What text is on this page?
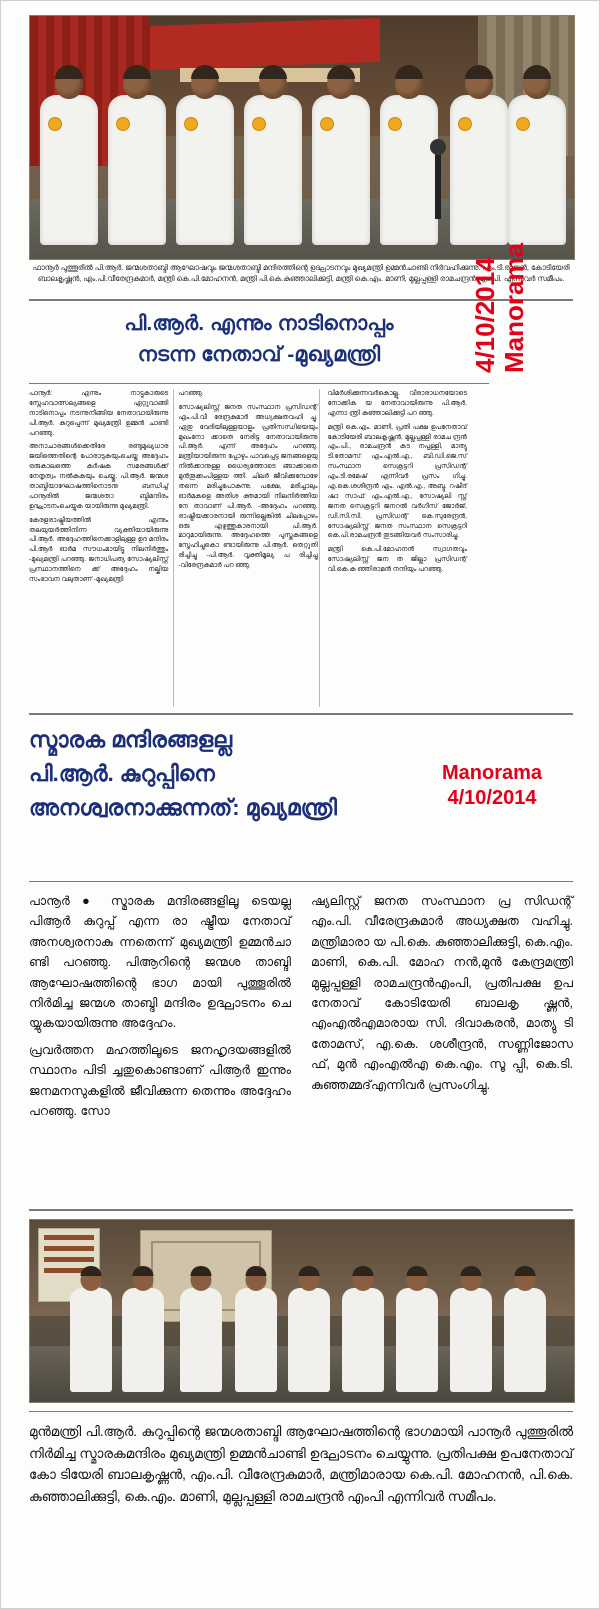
ഫാനൂർ പുത്തൂരിൽ പി.ആർ. ജന്മശതാബ്ദി ആഘോഷവും ജന്മശതാബ്ദി മന്ദിരത്തിന്റെ ഉദ്ഘാടനവും മുഖ്യമന്ത്രി ഉമ്മൻചാണ്ടി നിർവഹിക്കുന്നു. എം.ടി.രാജൻ, കോടിയേരി ബാലകൃഷ്ണൻ, എം.പി.വീരേന്ദ്രകുമാർ, മന്ത്രി കെ.പി.മോഹനൻ, മന്ത്രി പി.കെ.കുഞ്ഞാലിക്കുട്ടി, മന്ത്രി കെ.എം. മാണി, മുല്ലപ്പള്ളി രാമചന്ദ്രൻ എം.പി. എന്നിവർ സമീപം.
പി.ആർ. എന്നും നാടിനൊപ്പം
നടന്ന നേതാവ് -മുഖ്യമന്ത്രി	4/10/2014 Manorama

പാനൂർ: എന്നും നാട്ടുകാരുടെ സ്നേഹവാത്സല്യങ്ങളെ ഏറ്റുവാങ്ങി നാടിനൊപ്പം നടന്നുനീങ്ങിയ നേതാവായിരുന്നു പി.ആർ. കുറുപ്പെന്ന് മുഖ്യമന്ത്രി ഉമ്മൻ ചാണ്ടി പറഞ്ഞു.

അനാചാരങ്ങൾക്കെതിരേ രണ്ടുമുഖ്യധാര ജയിത്തെതിന്റെ പോരാടുകയുംചെയ്ത അദ്ദേഹം ഒരുകാലത്തെ കർഷക സമരങ്ങൾക്ക് നേതൃത്വം നൽകുകയും ചെയ്തു. പി.ആർ. ജന്മശ താബ്ദിയാഘോഷത്തിനൊടനു ബന്ധിച്ച് പാനൂരിൽ ജന്മശതാ ബ്ദിമന്ദിരം ഉദ്ഘാടനംചെയ്യുക യായിരുന്നു മുഖ്യമന്ത്രി.

കേരളരാഷ്ട്രീയത്തിൽ എന്നും തലയുയർത്തിനിന്ന വ്യക്തിയായിരുന്നു പി.ആർ. അദ്ദേഹത്തിനെക്കാളിലുള്ള ഉദ മന്ദിരം പി.ആർ ഓർമ സൗധംമായിട്ടു നിലനിർത്തും -മുഖ്യമന്ത്രി പറഞ്ഞു. ജനാധിപത്യ സോഷ്യലിസ്റ്റ് പ്രസ്ഥാനത്തിനെ ക്ക് അദ്ദേഹം നല്കിയ സംഭാവന വലുതാണ് -മുഖ്യമന്ത്രി

പറഞ്ഞു.

സോഷ്യലിസ്റ്റ് ജനത സംസ്ഥാന പ്രസിഡന്റ് എം.പി.വീ രേന്ദ്രകുമാർ അധ്യക്ഷതവഹി ച്ചു. ഏതു വേദിയിലുള്ളയാളും പ്രതിസന്ധിയെയും മുഖംനോ ക്കാതെ നേരിട്ട നേതാവായിരുന്നു പി.ആർ. എന്ന് അദ്ദേഹം പറഞ്ഞു. മന്ത്രിയായിരുന്ന പ്പോഴും പാവപ്പെട്ട ജനങ്ങളെയു നിൽക്കാനുള്ള ധൈര്യത്തോടെ ങ്ങാക്കാതെ മുൻതൂക്കംപിള്ളയ ത്തി. ചിലർ ജീവിക്കുമ്പോഴേ തന്നെ മരിച്ചുപോകുന്നു. പക്ഷേ, മരിച്ചാലും ഓർമകളെ അതിശ ക്തമായി നിലനിർത്തിയ നേ താവാണ് പി.ആർ. -അദ്ദേഹം പറഞ്ഞു. രാഷ്ട്രീയക്കാരനായി രുന്നില്ലെങ്കിൽ ചിലപ്പോഴം ഒരു എഴുത്തുകാരനായി പി.ആർ. മാറുമായിരുന്നു. അദ്ദേഹത്തെ പുസ്തകങ്ങളെ സ്നേഹിച്ചുകൊ ണ്ടായിരുന്നു പി.ആർ. തെറ്റുതി രിച്ചിച്ചു -പി.ആർ. വൃക്തിമൂല്യ പ രിച്ചിച്ചു -വിരേന്ദ്രകുമാർ പറ ഞ്ഞു.

വിമർശിക്കുന്നവർകൊല്ലു. വീരാരാധനയോടെ നോക്കിക യ നേതാവായിരുന്നു പി.ആർ. എന്നാ ന്ത്രി കുഞ്ഞാലിക്കുട്ടി പറ ഞ്ഞു.

മന്ത്രി കെ.എം. മാണി, പ്രതി പക്ഷ ഉപനേതാവ് കോടിയേരി ബാലകൃഷ്ണൻ, മുല്ലപ്പള്ളി രാമച ന്ദ്രൻ എം.പി., രാമചന്ദ്രൻ കട നപ്പള്ളി, മാത്യു ടി.തോമസ് എം.എൽ.എ., ബി.ഡി.ജെ.സ് സംസ്ഥാന സെക്രട്ടറി പ്രസിഡന്റ് എം.ടി.രമേഷ് എന്നിവർ പ്രസം ഗിച്ചു. എ.കെ.ശശീന്ദ്രൻ എം. എൽ.എ., അബ്ദു. റഷീദ് ഷാ സാഫ് എം.എൽ.എ., സോഷ്യലി സ്റ്റ് ജനത സെക്രട്ടറി ജനറൽ വർഗീസ് ജോർജ്, ഡി.സി.സി. പ്രസിഡന്റ് കെ.സുരേന്ദ്രൻ, സോഷ്യലിസ്റ്റ് ജനത സംസ്ഥാന സെക്രട്ടറി കെ.പി.രാമചന്ദ്രൻ തുടങ്ങിയവർ സംസാരിച്ചു.

മന്ത്രി കെ.പി.മോഹനൻ സ്വാഗതവും സോഷ്യലിസ്റ്റ് ജന ത ജില്ലാ പ്രസിഡന്റ് വി.കെ.കു ഞ്ഞിരാമൻ നന്ദിയും പറഞ്ഞു.

സ്മാരക മന്ദിരങ്ങളല്ല
പി.ആർ. കുറുപ്പിനെ
അനശ്വരനാക്കുന്നത്: മുഖ്യമന്ത്രി
Manorama
4/10/2014

പാനൂർ ● സ്മാരക മന്ദിരങ്ങളിലൂ ടെയല്ല പിആർ കുറുപ്പ് എന്ന രാ ഷ്ട്രീയ നേതാവ് അനശ്വരനാകു ന്നതെന്ന് മുഖ്യമന്ത്രി ഉമ്മൻചാ ണ്ടി പറഞ്ഞു. പിആറിന്റെ ജന്മശ താബ്ദി ആഘോഷത്തിന്റെ ഭാഗ മായി പുത്തൂരിൽ നിർമിച്ച ജന്മശ താബ്ദി മന്ദിരം ഉദ്ഘാടനം ചെ യ്യുകയായിരുന്നു അദ്ദേഹം.

പ്രവർത്തന മഹത്തിലൂടെ ജനഹൃദയങ്ങളിൽ സ്ഥാനം പിടി ച്ചതുകൊണ്ടാണ് പിആർ ഇന്നും ജനമനസുകളിൽ ജീവിക്കുന്ന തെന്നും അദ്ദേഹം പറഞ്ഞു. സോ

ഷ്യലിസ്റ്റ് ജനത സംസ്ഥാന പ്ര സിഡന്റ് എം.പി. വീരേന്ദ്രകുമാർ അധ്യക്ഷത വഹിച്ചു. മന്ത്രിമാരാ യ പി.കെ. കുഞ്ഞാലിക്കുട്ടി, കെ.എം. മാണി, കെ.പി. മോഹ നൻ,മുൻ കേന്ദ്രമന്ത്രി മുല്ലപ്പള്ളി രാമചന്ദ്രൻഎംപി, പ്രതിപക്ഷ ഉപ നേതാവ് കോടിയേരി ബാലകൃ ഷ്ണൻ, എംഎൽഎമാരായ സി. ദിവാകരൻ, മാത്യു ടി തോമസ്, എ.കെ. ശശീന്ദ്രൻ, സണ്ണിജോസ ഫ്, മുൻ എംഎൽഎ കെ.എം. സൂ പ്പി, കെ.ടി. കുഞ്ഞമ്മദ്എന്നിവർ പ്രസംഗിച്ചു.

മുൻമന്ത്രി പി.ആർ. കുറുപ്പിന്റെ ജന്മശതാബ്ദി ആഘോഷത്തിന്റെ ഭാഗമായി പാനൂർ പുത്തൂരിൽ നിർമിച്ച സ്മാരകമന്ദിരം മുഖ്യമന്ത്രി ഉമ്മൻചാണ്ടി ഉദ്ഘാടനം ചെയ്യുന്നു. പ്രതിപക്ഷ ഉപനേതാവ് കോ ടിയേരി ബാലകൃഷ്ണൻ, എം.പി. വീരേന്ദ്രകുമാർ, മന്ത്രിമാരായ കെ.പി. മോഹനൻ, പി.കെ. കുഞ്ഞാലിക്കുട്ടി, കെ.എം. മാണി, മുല്ലപ്പള്ളി രാമചന്ദ്രൻ എംപി എന്നിവർ സമീപം.
